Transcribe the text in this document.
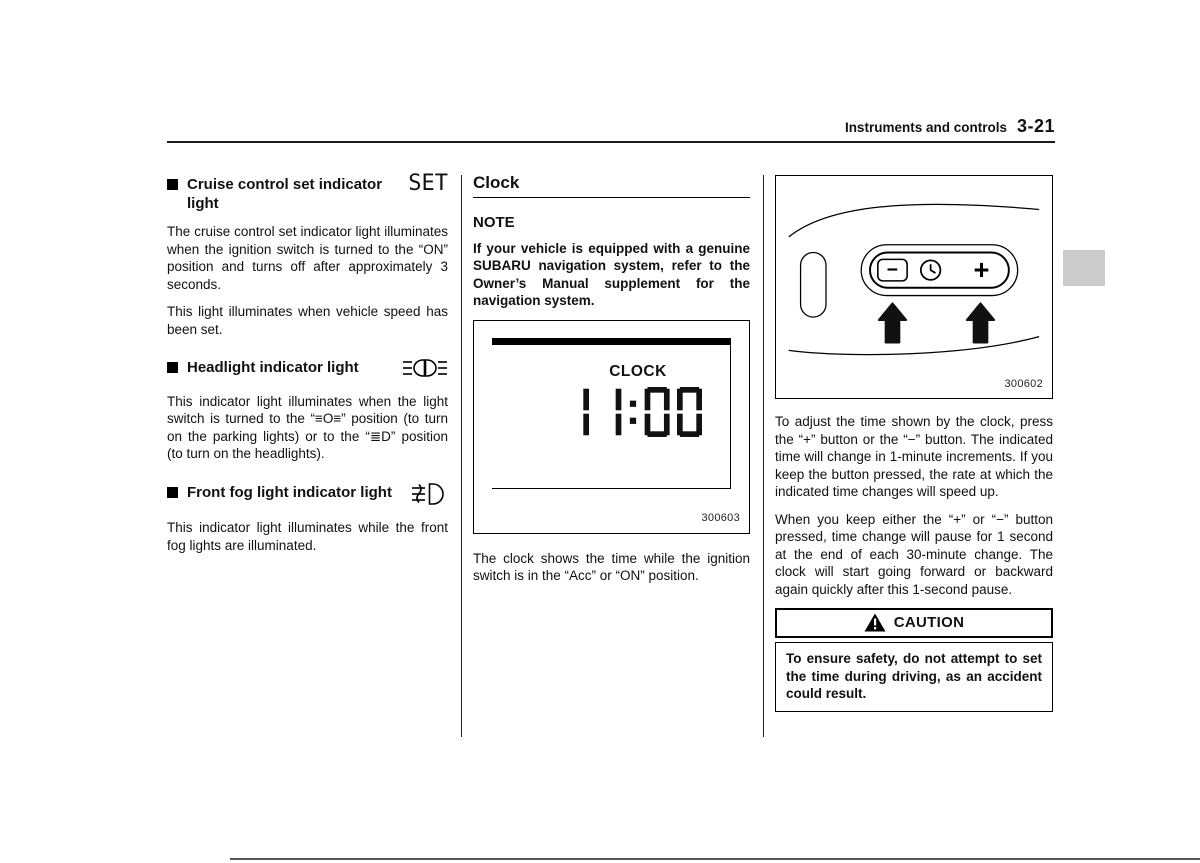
Instruments and controls 3-21
Cruise control set indicator light
SET

The cruise control set indicator light illuminates when the ignition switch is turned to the “ON” position and turns off after approximately 3 seconds.

This light illuminates when vehicle speed has been set.

Headlight indicator light

This indicator light illuminates when the light switch is turned to the “≡O≡” position (to turn on the parking lights) or to the “≣D” position (to turn on the headlights).

Front fog light indicator light

This indicator light illuminates while the front fog lights are illuminated.

Clock
NOTE

If your vehicle is equipped with a genuine SUBARU navigation system, refer to the Owner’s Manual supplement for the navigation system.

CLOCK
300603

The clock shows the time while the ignition switch is in the “Acc” or “ON” position.

−	+
300602

To adjust the time shown by the clock, press the “+” button or the “−” button. The indicated time will change in 1-minute increments. If you keep the button pressed, the rate at which the indicated time changes will speed up.

When you keep either the “+” or “−” button pressed, time change will pause for 1 second at the end of each 30-minute change. The clock will start going forward or backward again quickly after this 1-second pause.

CAUTION

To ensure safety, do not attempt to set the time during driving, as an accident could result.
